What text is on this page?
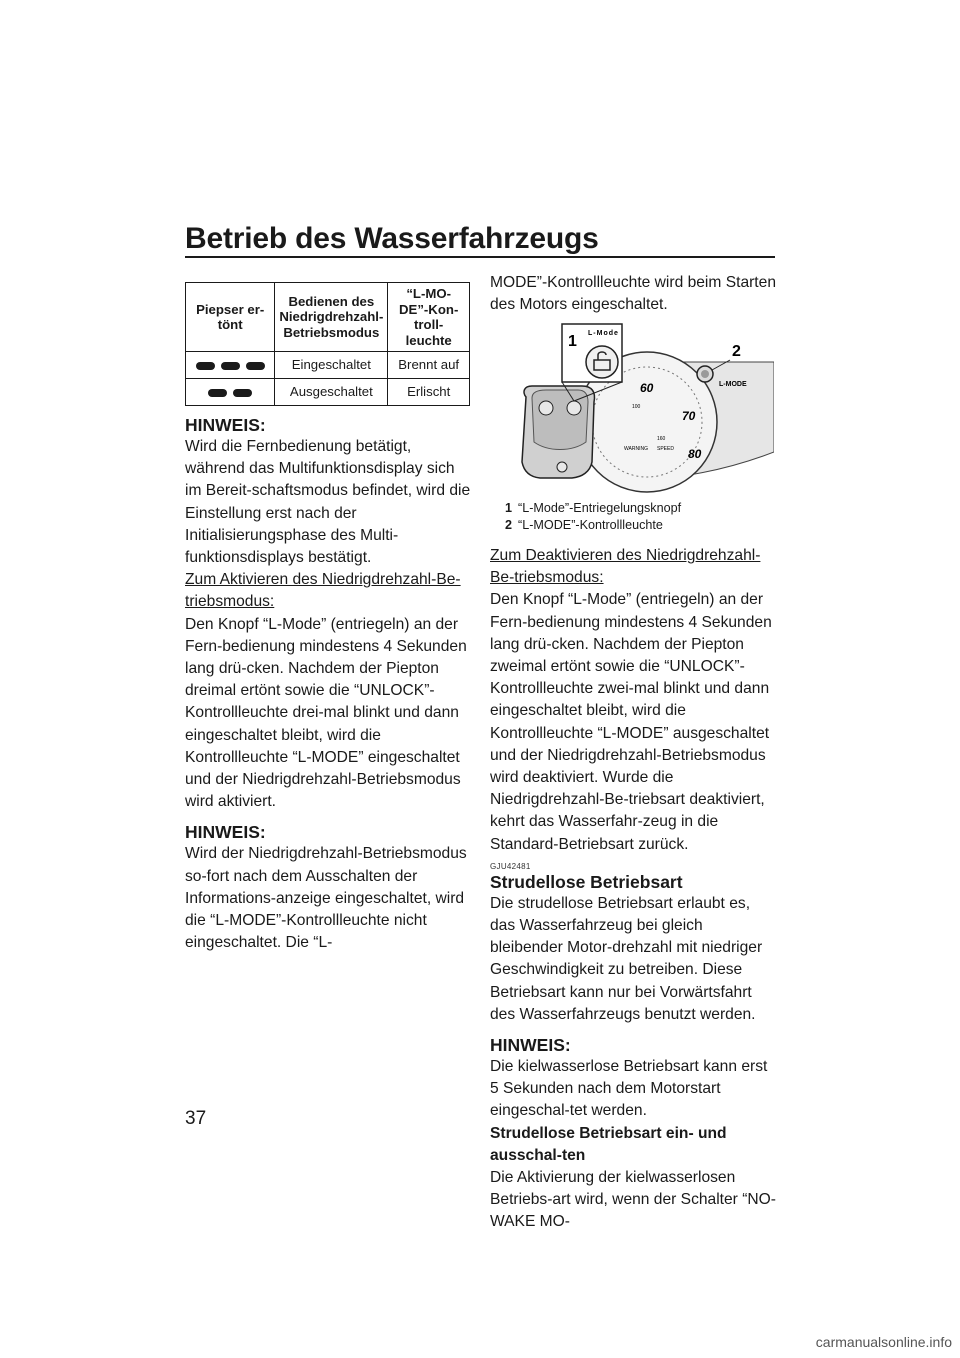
Betrieb des Wasserfahrzeugs
Piepser er-tönt	Bedienen des Niedrigdrehzahl-Betriebsmodus	“L-MO-DE”-Kon-troll-leuchte
	Eingeschaltet	Brennt auf
	Ausgeschaltet	Erlischt

HINWEIS:

Wird die Fernbedienung betätigt, während das Multifunktionsdisplay sich im Bereit-schaftsmodus befindet, wird die Einstellung erst nach der Initialisierungsphase des Multi-funktionsdisplays bestätigt.

Zum Aktivieren des Niedrigdrehzahl-Be-triebsmodus:

Den Knopf “L-Mode” (entriegeln) an der Fern-bedienung mindestens 4 Sekunden lang drü-cken. Nachdem der Piepton dreimal ertönt sowie die “UNLOCK”-Kontrollleuchte drei-mal blinkt und dann eingeschaltet bleibt, wird die Kontrollleuchte “L-MODE” eingeschaltet und der Niedrigdrehzahl-Betriebsmodus wird aktiviert.

HINWEIS:

Wird der Niedrigdrehzahl-Betriebsmodus so-fort nach dem Ausschalten der Informations-anzeige eingeschaltet, wird die “L-MODE”-Kontrollleuchte nicht eingeschaltet. Die “L-

MODE”-Kontrollleuchte wird beim Starten des Motors eingeschaltet.

60
70
80
100
160
WARNING SPEED
L-MODE
2
L-Mode
1
1 “L-Mode”-Entriegelungsknopf
2 “L-MODE”-Kontrollleuchte

Zum Deaktivieren des Niedrigdrehzahl-Be-triebsmodus:

Den Knopf “L-Mode” (entriegeln) an der Fern-bedienung mindestens 4 Sekunden lang drü-cken. Nachdem der Piepton zweimal ertönt sowie die “UNLOCK”-Kontrollleuchte zwei-mal blinkt und dann eingeschaltet bleibt, wird die Kontrollleuchte “L-MODE” ausgeschaltet und der Niedrigdrehzahl-Betriebsmodus wird deaktiviert. Wurde die Niedrigdrehzahl-Be-triebsart deaktiviert, kehrt das Wasserfahr-zeug in die Standard-Betriebsart zurück.

GJU42481

Strudellose Betriebsart

Die strudellose Betriebsart erlaubt es, das Wasserfahrzeug bei gleich bleibender Motor-drehzahl mit niedriger Geschwindigkeit zu betreiben. Diese Betriebsart kann nur bei Vorwärtsfahrt des Wasserfahrzeugs benutzt werden.

HINWEIS:

Die kielwasserlose Betriebsart kann erst 5 Sekunden nach dem Motorstart eingeschal-tet werden.

Strudellose Betriebsart ein- und ausschal-ten

Die Aktivierung der kielwasserlosen Betriebs-art wird, wenn der Schalter “NO-WAKE MO-

37
carmanualsonline.info
